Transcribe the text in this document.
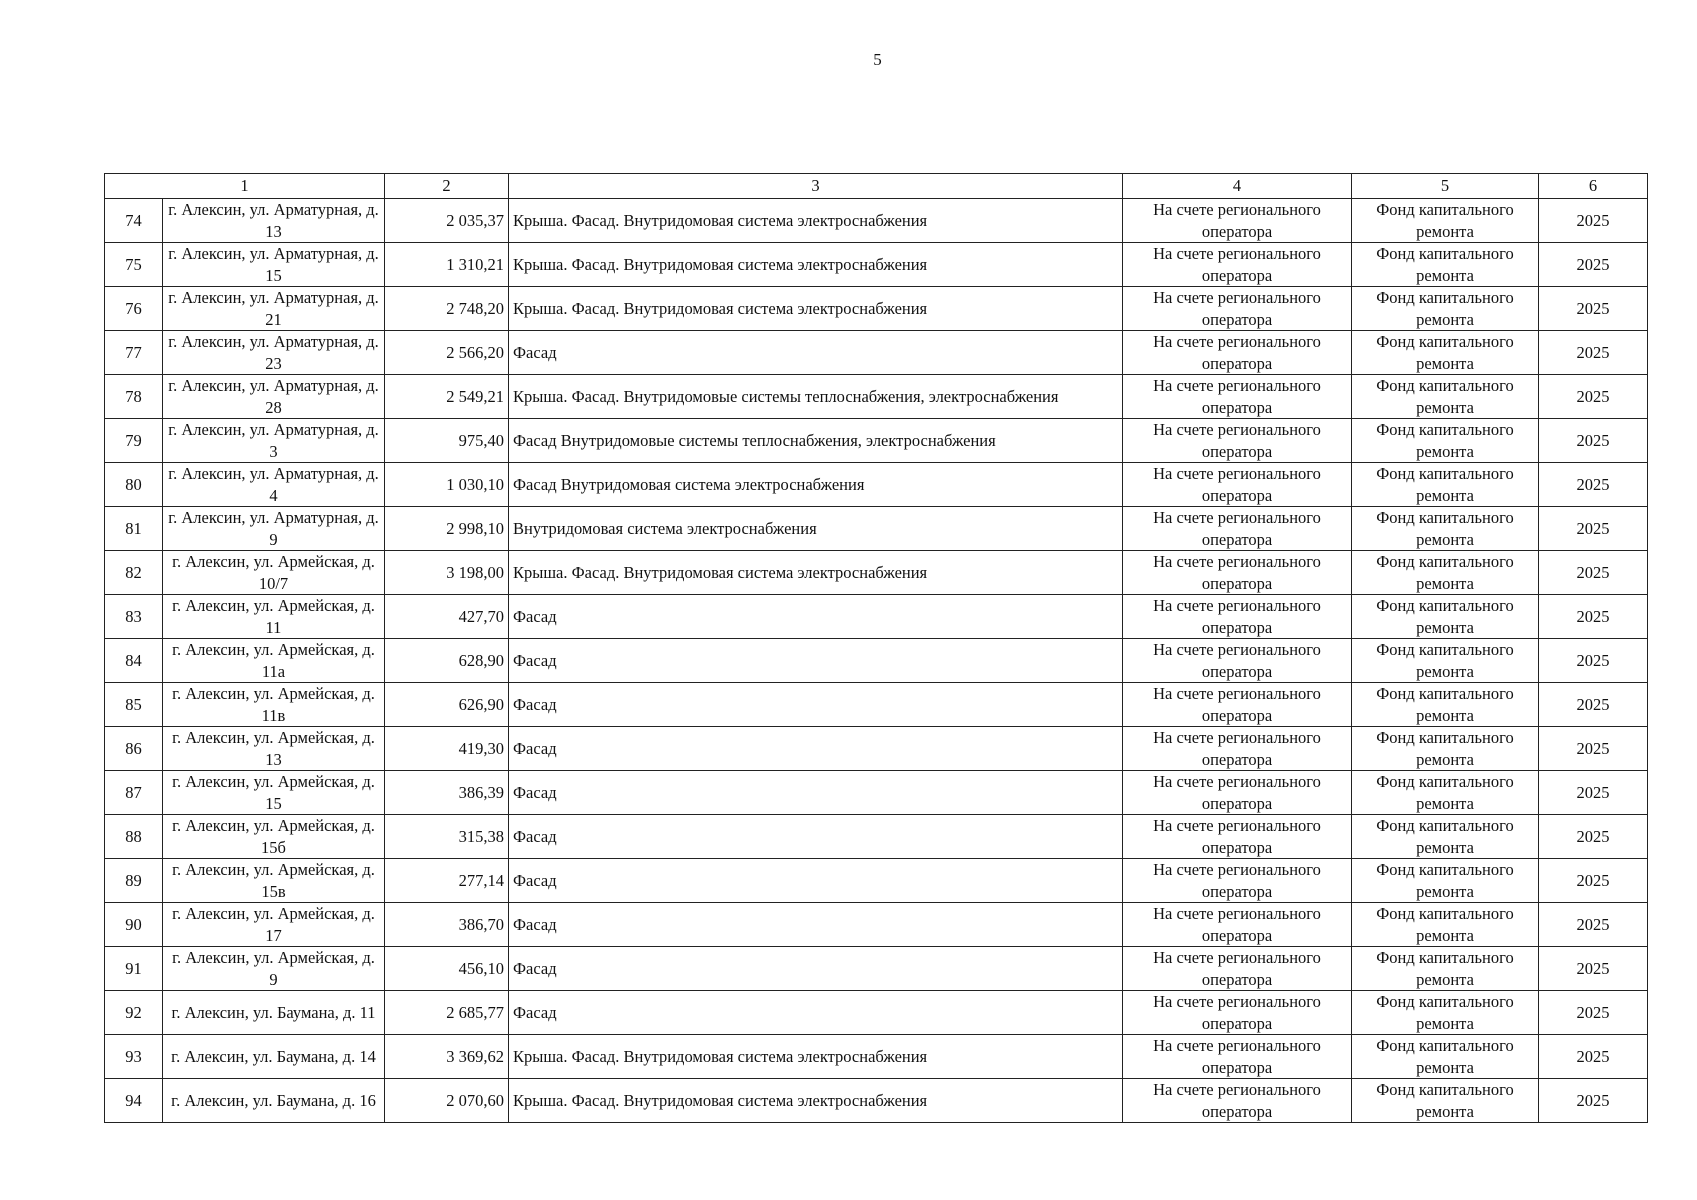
5
1		2	3	4	5	6
74	г. Алексин, ул. Арматурная, д. 13	2 035,37	Крыша. Фасад. Внутридомовая система электроснабжения	На счете регионального оператора	Фонд капитального ремонта	2025
75	г. Алексин, ул. Арматурная, д. 15	1 310,21	Крыша. Фасад. Внутридомовая система электроснабжения	На счете регионального оператора	Фонд капитального ремонта	2025
76	г. Алексин, ул. Арматурная, д. 21	2 748,20	Крыша. Фасад. Внутридомовая система электроснабжения	На счете регионального оператора	Фонд капитального ремонта	2025
77	г. Алексин, ул. Арматурная, д. 23	2 566,20	Фасад	На счете регионального оператора	Фонд капитального ремонта	2025
78	г. Алексин, ул. Арматурная, д. 28	2 549,21	Крыша. Фасад. Внутридомовые системы теплоснабжения, электроснабжения	На счете регионального оператора	Фонд капитального ремонта	2025
79	г. Алексин, ул. Арматурная, д. 3	975,40	Фасад Внутридомовые системы теплоснабжения, электроснабжения	На счете регионального оператора	Фонд капитального ремонта	2025
80	г. Алексин, ул. Арматурная, д. 4	1 030,10	Фасад Внутридомовая система электроснабжения	На счете регионального оператора	Фонд капитального ремонта	2025
81	г. Алексин, ул. Арматурная, д. 9	2 998,10	Внутридомовая система электроснабжения	На счете регионального оператора	Фонд капитального ремонта	2025
82	г. Алексин, ул. Армейская, д. 10/7	3 198,00	Крыша. Фасад. Внутридомовая система электроснабжения	На счете регионального оператора	Фонд капитального ремонта	2025
83	г. Алексин, ул. Армейская, д. 11	427,70	Фасад	На счете регионального оператора	Фонд капитального ремонта	2025
84	г. Алексин, ул. Армейская, д. 11а	628,90	Фасад	На счете регионального оператора	Фонд капитального ремонта	2025
85	г. Алексин, ул. Армейская, д. 11в	626,90	Фасад	На счете регионального оператора	Фонд капитального ремонта	2025
86	г. Алексин, ул. Армейская, д. 13	419,30	Фасад	На счете регионального оператора	Фонд капитального ремонта	2025
87	г. Алексин, ул. Армейская, д. 15	386,39	Фасад	На счете регионального оператора	Фонд капитального ремонта	2025
88	г. Алексин, ул. Армейская, д. 15б	315,38	Фасад	На счете регионального оператора	Фонд капитального ремонта	2025
89	г. Алексин, ул. Армейская, д. 15в	277,14	Фасад	На счете регионального оператора	Фонд капитального ремонта	2025
90	г. Алексин, ул. Армейская, д. 17	386,70	Фасад	На счете регионального оператора	Фонд капитального ремонта	2025
91	г. Алексин, ул. Армейская, д. 9	456,10	Фасад	На счете регионального оператора	Фонд капитального ремонта	2025
92	г. Алексин, ул. Баумана, д. 11	2 685,77	Фасад	На счете регионального оператора	Фонд капитального ремонта	2025
93	г. Алексин, ул. Баумана, д. 14	3 369,62	Крыша. Фасад. Внутридомовая система электроснабжения	На счете регионального оператора	Фонд капитального ремонта	2025
94	г. Алексин, ул. Баумана, д. 16	2 070,60	Крыша. Фасад. Внутридомовая система электроснабжения	На счете регионального оператора	Фонд капитального ремонта	2025
